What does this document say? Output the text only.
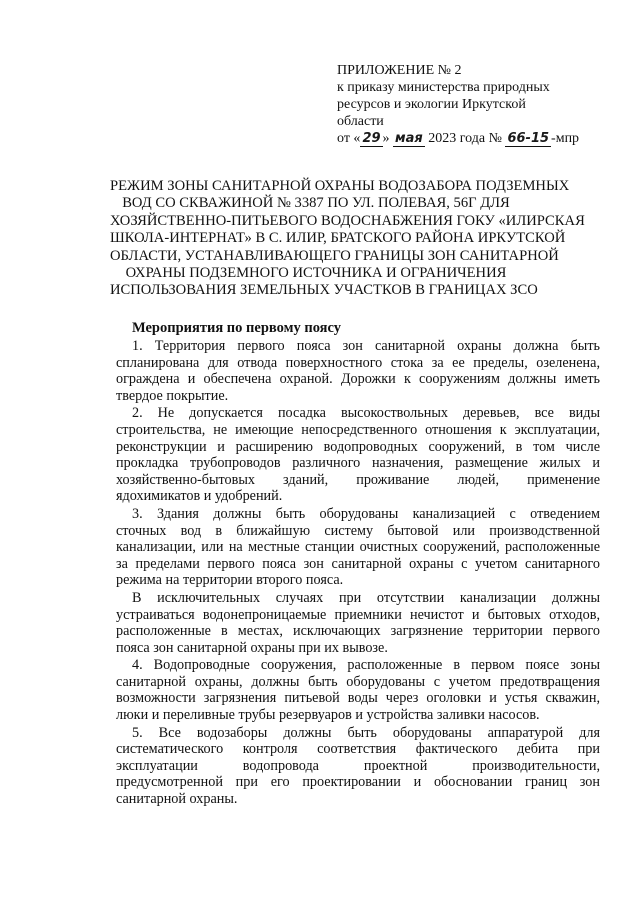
ПРИЛОЖЕНИЕ № 2
к приказу министерства природных
ресурсов и экологии Иркутской
области
от « 29 » мая 2023 года № 66-15 -мпр
РЕЖИМ ЗОНЫ САНИТАРНОЙ ОХРАНЫ ВОДОЗАБОРА ПОДЗЕМНЫХ
ВОД СО СКВАЖИНОЙ № 3387 ПО УЛ. ПОЛЕВАЯ, 56Г ДЛЯ
ХОЗЯЙСТВЕННО-ПИТЬЕВОГО ВОДОСНАБЖЕНИЯ ГОКУ «ИЛИРСКАЯ
ШКОЛА-ИНТЕРНАТ» В С. ИЛИР, БРАТСКОГО РАЙОНА ИРКУТСКОЙ
ОБЛАСТИ, УСТАНАВЛИВАЮЩЕГО ГРАНИЦЫ ЗОН САНИТАРНОЙ
ОХРАНЫ ПОДЗЕМНОГО ИСТОЧНИКА И ОГРАНИЧЕНИЯ
ИСПОЛЬЗОВАНИЯ ЗЕМЕЛЬНЫХ УЧАСТКОВ В ГРАНИЦАХ ЗСО
Мероприятия по первому поясу
1. Территория первого пояса зон санитарной охраны должна быть
спланирована для отвода поверхностного стока за ее пределы, озеленена,
ограждена и обеспечена охраной. Дорожки к сооружениям должны иметь
твердое покрытие.
2. Не допускается посадка высокоствольных деревьев, все виды
строительства, не имеющие непосредственного отношения к эксплуатации,
реконструкции и расширению водопроводных сооружений, в том числе
прокладка трубопроводов различного назначения, размещение жилых и
хозяйственно-бытовых зданий, проживание людей, применение
ядохимикатов и удобрений.
3. Здания должны быть оборудованы канализацией с отведением
сточных вод в ближайшую систему бытовой или производственной
канализации, или на местные станции очистных сооружений, расположенные
за пределами первого пояса зон санитарной охраны с учетом санитарного
режима на территории второго пояса.
В исключительных случаях при отсутствии канализации должны
устраиваться водонепроницаемые приемники нечистот и бытовых отходов,
расположенные в местах, исключающих загрязнение территории первого
пояса зон санитарной охраны при их вывозе.
4. Водопроводные сооружения, расположенные в первом поясе зоны
санитарной охраны, должны быть оборудованы с учетом предотвращения
возможности загрязнения питьевой воды через оголовки и устья скважин,
люки и переливные трубы резервуаров и устройства заливки насосов.
5. Все водозаборы должны быть оборудованы аппаратурой для
систематического контроля соответствия фактического дебита при
эксплуатации водопровода проектной производительности,
предусмотренной при его проектировании и обосновании границ зон
санитарной охраны.
